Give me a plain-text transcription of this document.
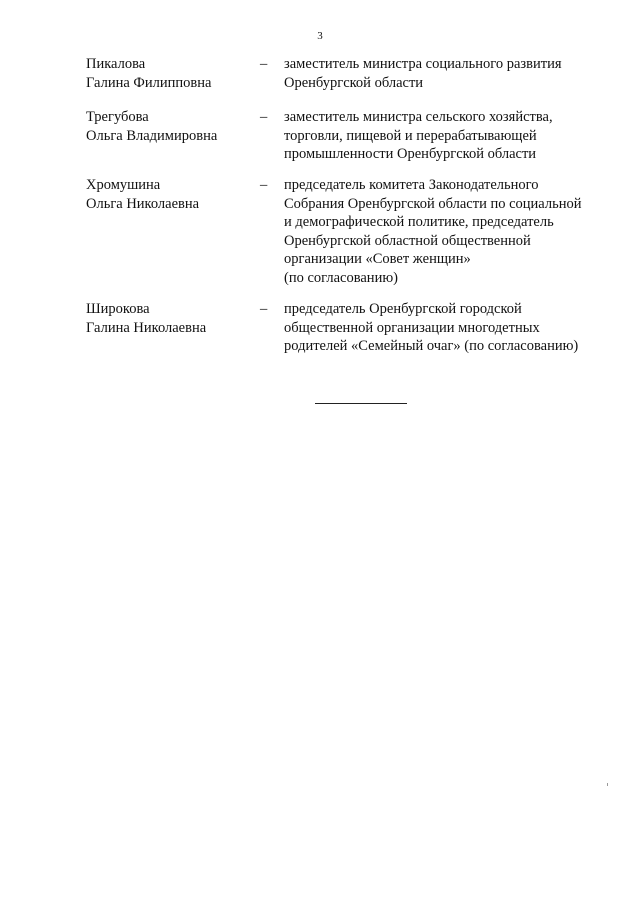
3
Пикалова
Галина Филипповна
– заместитель министра социального развития
Оренбургской области
Трегубова
Ольга Владимировна
– заместитель министра сельского хозяйства,
торговли, пищевой и перерабатывающей
промышленности Оренбургской области
Хромушина
Ольга Николаевна
– председатель комитета Законодательного
Собрания Оренбургской области по социальной
и демографической политике, председатель
Оренбургской областной общественной
организации «Совет женщин»
(по согласованию)
Широкова
Галина Николаевна
– председатель Оренбургской городской
общественной организации многодетных
родителей «Семейный очаг» (по согласованию)
